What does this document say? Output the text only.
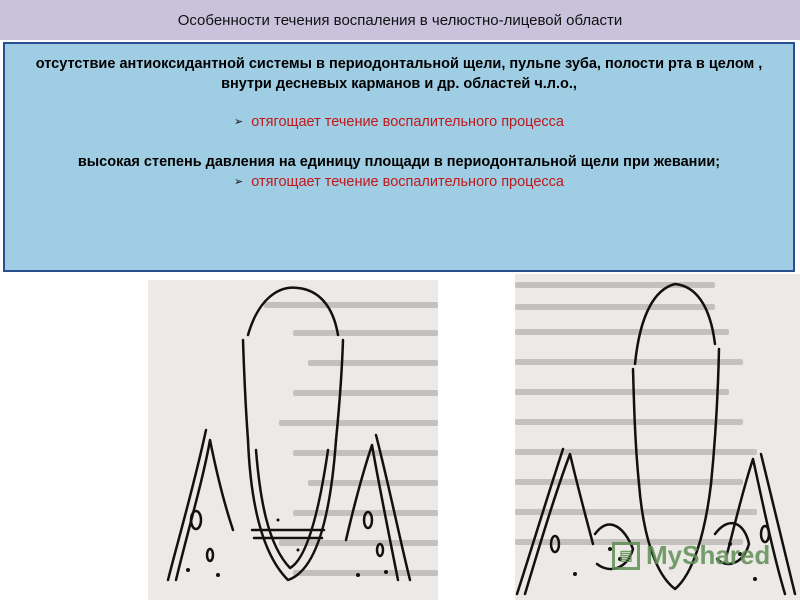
Особенности течения воспаления в челюстно-лицевой области
отсутствие антиоксидантной системы в периодонтальной щели, пульпе зуба, полости рта в целом , внутри десневых карманов и др. областей ч.л.о.,
➢ отягощает течение воспалительного процесса
высокая степень давления на единицу площади в периодонтальной щели при жевании;
➢ отягощает течение воспалительного процесса
▤ MyShared
